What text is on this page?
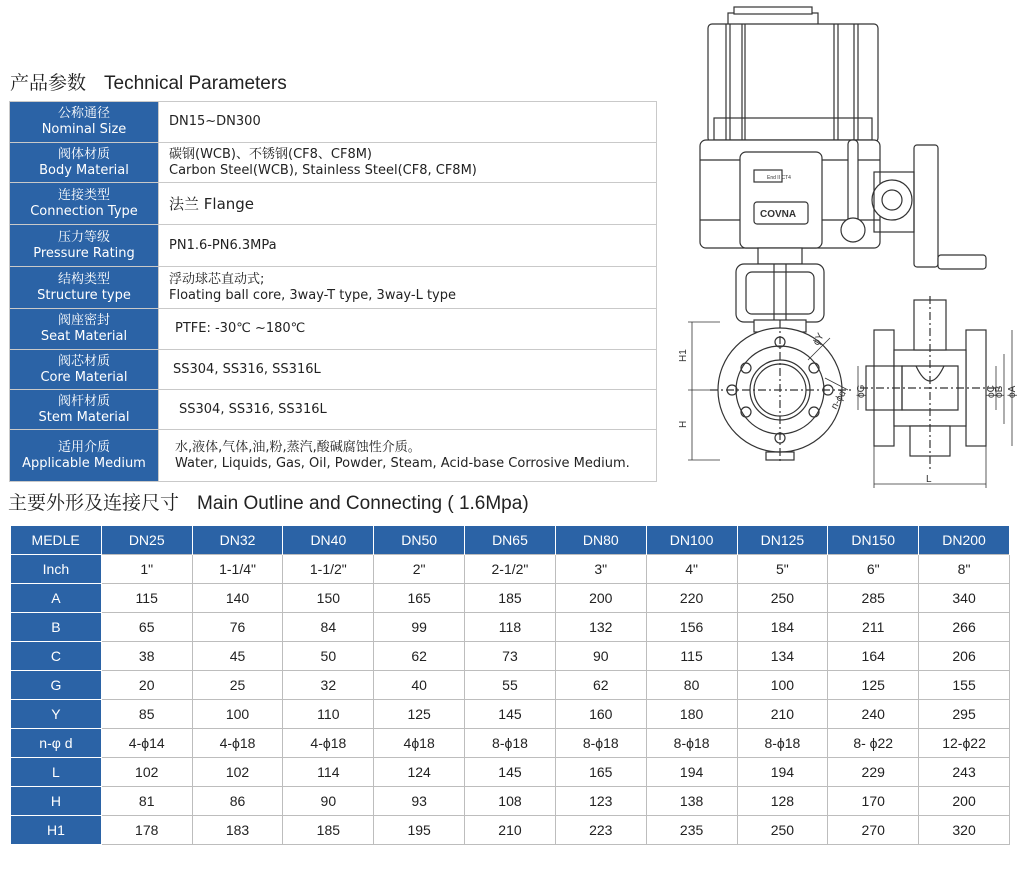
产品参数 Technical Parameters
公称通径
Nominal Size	DN15~DN300

阀体材质
Body Material	碳钢(WCB)、不锈钢(CF8、CF8M)
Carbon Steel(WCB), Stainless Steel(CF8, CF8M)

连接类型
Connection Type	法兰 Flange

压力等级
Pressure Rating	PN1.6-PN6.3MPa

结构类型
Structure type	浮动球芯直动式;
Floating ball core, 3way-T type, 3way-L type

阀座密封
Seat Material	PTFE: -30℃ ~180℃

阀芯材质
Core Material	SS304, SS316, SS316L

阀杆材质
Stem Material	SS304, SS316, SS316L

适用介质
Applicable Medium	水,液体,气体,油,粉,蒸汽,酸碱腐蚀性介质。
Water, Liquids, Gas, Oil, Powder, Steam, Acid-base Corrosive Medium.
主要外形及连接尺寸 Main Outline and Connecting ( 1.6Mpa)
MEDLE	DN25	DN32	DN40	DN50	DN65	DN80	DN100	DN125	DN150	DN200
Inch	1"	1-1/4"	1-1/2"	2"	2-1/2"	3"	4"	5"	6"	8"
A	115	140	150	165	185	200	220	250	285	340
B	65	76	84	99	118	132	156	184	211	266
C	38	45	50	62	73	90	115	134	164	206
G	20	25	32	40	55	62	80	100	125	155
Y	85	100	110	125	145	160	180	210	240	295
n-φ d	4-ϕ14	4-ϕ18	4-ϕ18	4ϕ18	8-ϕ18	8-ϕ18	8-ϕ18	8-ϕ18	8- ϕ22	12-ϕ22
L	102	102	114	124	145	165	194	194	229	243
H	81	86	90	93	108	123	138	128	170	200
H1	178	183	185	195	210	223	235	250	270	320
End II CT4
COVNA
H1
H
ϕY
n-ϕd ϕG	ϕC
ϕB ϕA
L
